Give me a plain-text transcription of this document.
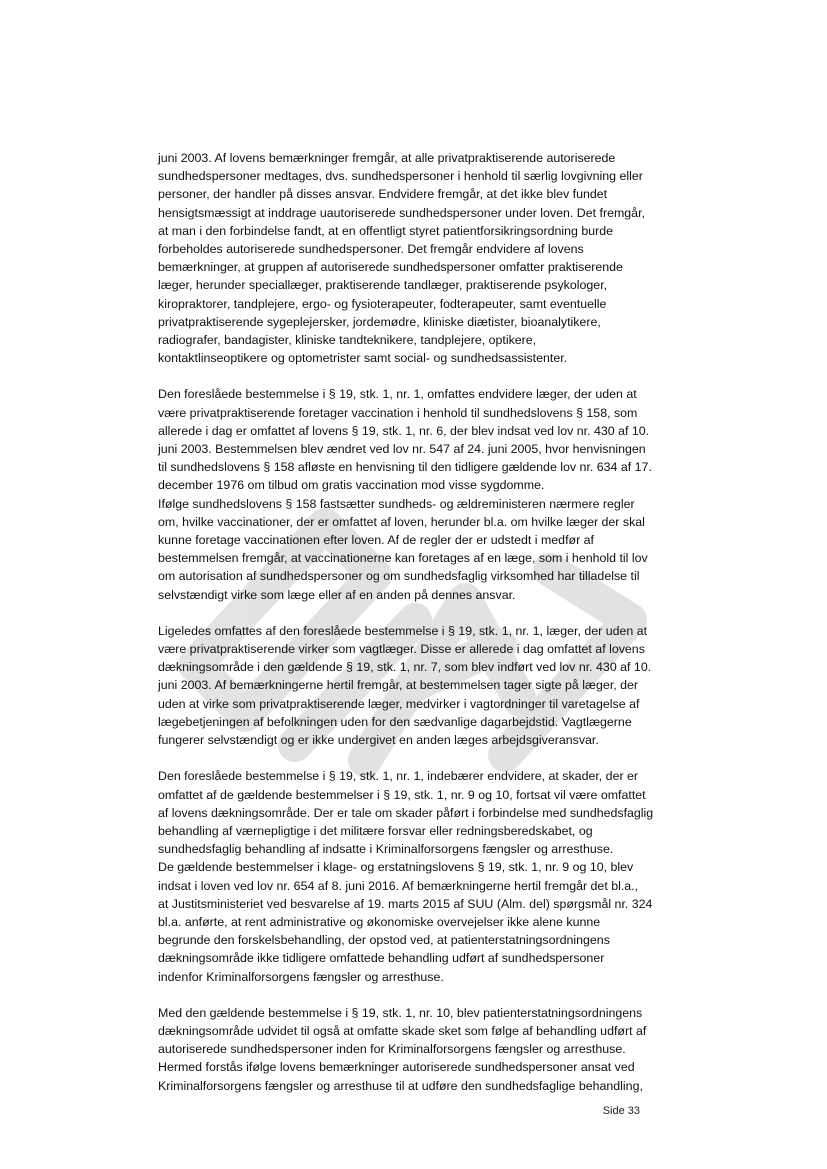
juni 2003. Af lovens bemærkninger fremgår, at alle privatpraktiserende autoriserede
sundhedspersoner medtages, dvs. sundhedspersoner i henhold til særlig lovgivning eller
personer, der handler på disses ansvar. Endvidere fremgår, at det ikke blev fundet
hensigtsmæssigt at inddrage uautoriserede sundhedspersoner under loven. Det fremgår,
at man i den forbindelse fandt, at en offentligt styret patientforsikringsordning burde
forbeholdes autoriserede sundhedspersoner. Det fremgår endvidere af lovens
bemærkninger, at gruppen af autoriserede sundhedspersoner omfatter praktiserende
læger, herunder speciallæger, praktiserende tandlæger, praktiserende psykologer,
kiropraktorer, tandplejere, ergo- og fysioterapeuter, fodterapeuter, samt eventuelle
privatpraktiserende sygeplejersker, jordemødre, kliniske diætister, bioanalytikere,
radiografer, bandagister, kliniske tandteknikere, tandplejere, optikere,
kontaktlinseoptikere og optometrister samt social- og sundhedsassistenter.

Den foreslåede bestemmelse i § 19, stk. 1, nr. 1, omfattes endvidere læger, der uden at
være privatpraktiserende foretager vaccination i henhold til sundhedslovens § 158, som
allerede i dag er omfattet af lovens § 19, stk. 1, nr. 6, der blev indsat ved lov nr. 430 af 10.
juni 2003. Bestemmelsen blev ændret ved lov nr. 547 af 24. juni 2005, hvor henvisningen
til sundhedslovens § 158 afløste en henvisning til den tidligere gældende lov nr. 634 af 17.
december 1976 om tilbud om gratis vaccination mod visse sygdomme.
Ifølge sundhedslovens § 158 fastsætter sundheds- og ældreministeren nærmere regler
om, hvilke vaccinationer, der er omfattet af loven, herunder bl.a. om hvilke læger der skal
kunne foretage vaccinationen efter loven. Af de regler der er udstedt i medfør af
bestemmelsen fremgår, at vaccinationerne kan foretages af en læge, som i henhold til lov
om autorisation af sundhedspersoner og om sundhedsfaglig virksomhed har tilladelse til
selvstændigt virke som læge eller af en anden på dennes ansvar.

Ligeledes omfattes af den foreslåede bestemmelse i § 19, stk. 1, nr. 1, læger, der uden at
være privatpraktiserende virker som vagtlæger. Disse er allerede i dag omfattet af lovens
dækningsområde i den gældende § 19, stk. 1, nr. 7, som blev indført ved lov nr. 430 af 10.
juni 2003. Af bemærkningerne hertil fremgår, at bestemmelsen tager sigte på læger, der
uden at virke som privatpraktiserende læger, medvirker i vagtordninger til varetagelse af
lægebetjeningen af befolkningen uden for den sædvanlige dagarbejdstid. Vagtlægerne
fungerer selvstændigt og er ikke undergivet en anden læges arbejdsgiveransvar.

Den foreslåede bestemmelse i § 19, stk. 1, nr. 1, indebærer endvidere, at skader, der er
omfattet af de gældende bestemmelser i § 19, stk. 1, nr. 9 og 10, fortsat vil være omfattet
af lovens dækningsområde. Der er tale om skader påført i forbindelse med sundhedsfaglig
behandling af værnepligtige i det militære forsvar eller redningsberedskabet, og
sundhedsfaglig behandling af indsatte i Kriminalforsorgens fængsler og arresthuse.
De gældende bestemmelser i klage- og erstatningslovens § 19, stk. 1, nr. 9 og 10, blev
indsat i loven ved lov nr. 654 af 8. juni 2016. Af bemærkningerne hertil fremgår det bl.a.,
at Justitsministeriet ved besvarelse af 19. marts 2015 af SUU (Alm. del) spørgsmål nr. 324
bl.a. anførte, at rent administrative og økonomiske overvejelser ikke alene kunne
begrunde den forskelsbehandling, der opstod ved, at patienterstatningsordningens
dækningsområde ikke tidligere omfattede behandling udført af sundhedspersoner
indenfor Kriminalforsorgens fængsler og arresthuse.

Med den gældende bestemmelse i § 19, stk. 1, nr. 10, blev patienterstatningsordningens
dækningsområde udvidet til også at omfatte skade sket som følge af behandling udført af
autoriserede sundhedspersoner inden for Kriminalforsorgens fængsler og arresthuse.
Hermed forstås ifølge lovens bemærkninger autoriserede sundhedspersoner ansat ved
Kriminalforsorgens fængsler og arresthuse til at udføre den sundhedsfaglige behandling,

Side 33
